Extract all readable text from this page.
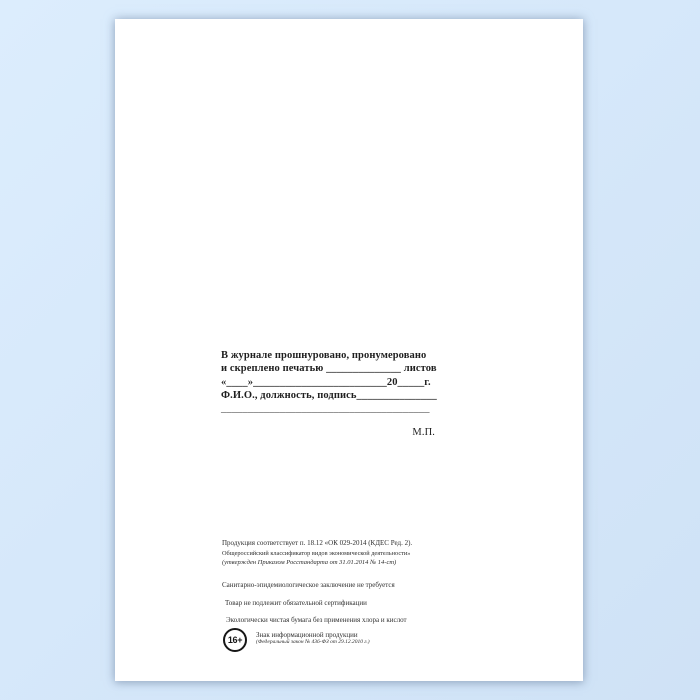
В журнале прошнуровано, пронумеровано
и скреплено печатью ______________ листов
«____»_________________________20_____г.
Ф.И.О., должность, подпись_______________
_______________________________________
М.П.
Продукция соответствует п. 18.12 «ОК 029-2014 (КДЕС Ред. 2).
Общероссийский классификатор видов экономической деятельности»
(утвержден Приказом Росстандарта от 31.01.2014 № 14-ст)
Санитарно-эпидемиологическое заключение не требуется
Товар не подлежит обязательной сертификации
Экологически чистая бумага без применения хлора и кислот
16+	Знак информационной продукции
(Федеральный закон № 436-ФЗ от 29.12.2010 г.)
